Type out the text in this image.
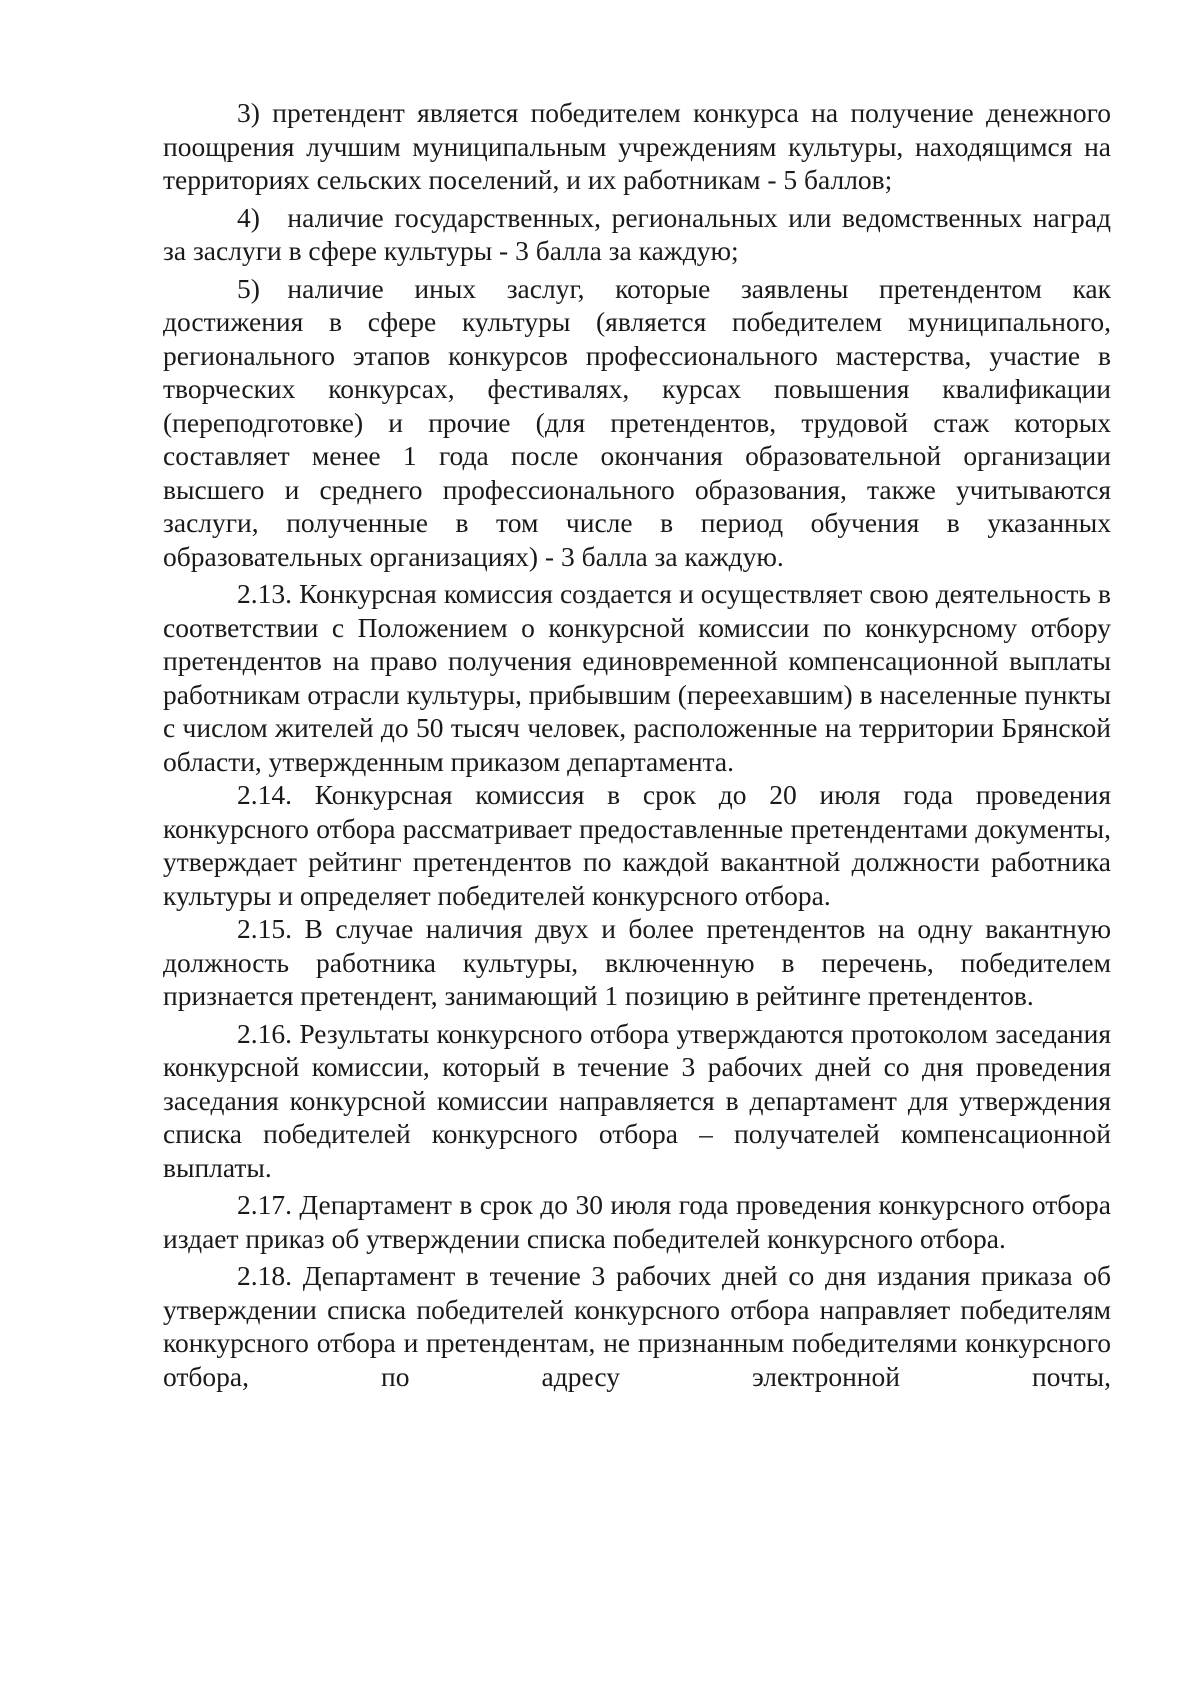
3) претендент является победителем конкурса на получение денежного поощрения лучшим муниципальным учреждениям культуры, находящимся на территориях сельских поселений, и их работникам - 5 баллов;

4) наличие государственных, региональных или ведомственных наград за заслуги в сфере культуры - 3 балла за каждую;

5) наличие иных заслуг, которые заявлены претендентом как достижения в сфере культуры (является победителем муниципального, регионального этапов конкурсов профессионального мастерства, участие в творческих конкурсах, фестивалях, курсах повышения квалификации (переподготовке) и прочие (для претендентов, трудовой стаж которых составляет менее 1 года после окончания образовательной организации высшего и среднего профессионального образования, также учитываются заслуги, полученные в том числе в период обучения в указанных образовательных организациях) - 3 балла за каждую.

2.13. Конкурсная комиссия создается и осуществляет свою деятельность в соответствии с Положением о конкурсной комиссии по конкурсному отбору претендентов на право получения единовременной компенсационной выплаты работникам отрасли культуры, прибывшим (переехавшим) в населенные пункты с числом жителей до 50 тысяч человек, расположенные на территории Брянской области, утвержденным приказом департамента.

2.14. Конкурсная комиссия в срок до 20 июля года проведения конкурсного отбора рассматривает предоставленные претендентами документы, утверждает рейтинг претендентов по каждой вакантной должности работника культуры и определяет победителей конкурсного отбора.

2.15. В случае наличия двух и более претендентов на одну вакантную должность работника культуры, включенную в перечень, победителем признается претендент, занимающий 1 позицию в рейтинге претендентов.

2.16. Результаты конкурсного отбора утверждаются протоколом заседания конкурсной комиссии, который в течение 3 рабочих дней со дня проведения заседания конкурсной комиссии направляется в департамент для утверждения списка победителей конкурсного отбора – получателей компенсационной выплаты.

2.17. Департамент в срок до 30 июля года проведения конкурсного отбора издает приказ об утверждении списка победителей конкурсного отбора.

2.18. Департамент в течение 3 рабочих дней со дня издания приказа об утверждении списка победителей конкурсного отбора направляет победителям конкурсного отбора и претендентам, не признанным победителями конкурсного отбора, по адресу электронной почты,
